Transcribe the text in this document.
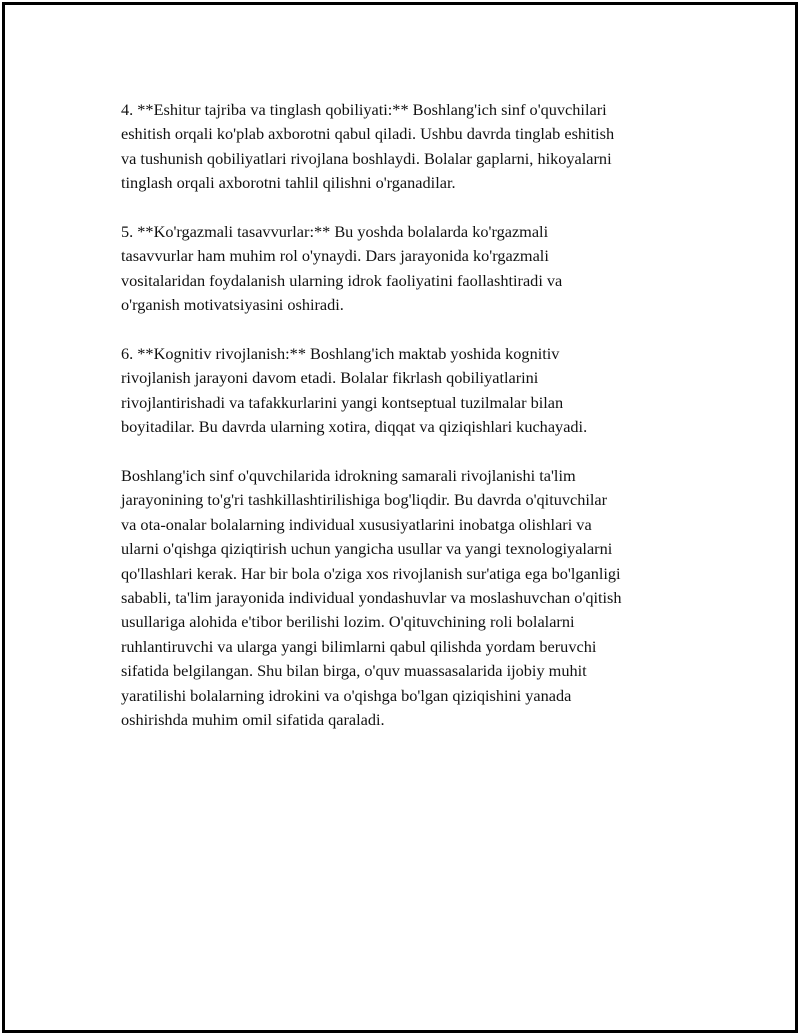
4. **Eshitur tajriba va tinglash qobiliyati:** Boshlang'ich sinf o'quvchilari
eshitish orqali ko'plab axborotni qabul qiladi. Ushbu davrda tinglab eshitish
va tushunish qobiliyatlari rivojlana boshlaydi. Bolalar gaplarni, hikoyalarni
tinglash orqali axborotni tahlil qilishni o'rganadilar.

5. **Ko'rgazmali tasavvurlar:** Bu yoshda bolalarda ko'rgazmali
tasavvurlar ham muhim rol o'ynaydi. Dars jarayonida ko'rgazmali
vositalaridan foydalanish ularning idrok faoliyatini faollashtiradi va
o'rganish motivatsiyasini oshiradi.

6. **Kognitiv rivojlanish:** Boshlang'ich maktab yoshida kognitiv
rivojlanish jarayoni davom etadi. Bolalar fikrlash qobiliyatlarini
rivojlantirishadi va tafakkurlarini yangi kontseptual tuzilmalar bilan
boyitadilar. Bu davrda ularning xotira, diqqat va qiziqishlari kuchayadi.

Boshlang'ich sinf o'quvchilarida idrokning samarali rivojlanishi ta'lim
jarayonining to'g'ri tashkillashtirilishiga bog'liqdir. Bu davrda o'qituvchilar
va ota-onalar bolalarning individual xususiyatlarini inobatga olishlari va
ularni o'qishga qiziqtirish uchun yangicha usullar va yangi texnologiyalarni
qo'llashlari kerak. Har bir bola o'ziga xos rivojlanish sur'atiga ega bo'lganligi
sababli, ta'lim jarayonida individual yondashuvlar va moslashuvchan o'qitish
usullariga alohida e'tibor berilishi lozim. O'qituvchining roli bolalarni
ruhlantiruvchi va ularga yangi bilimlarni qabul qilishda yordam beruvchi
sifatida belgilangan. Shu bilan birga, o'quv muassasalarida ijobiy muhit
yaratilishi bolalarning idrokini va o'qishga bo'lgan qiziqishini yanada
oshirishda muhim omil sifatida qaraladi.
